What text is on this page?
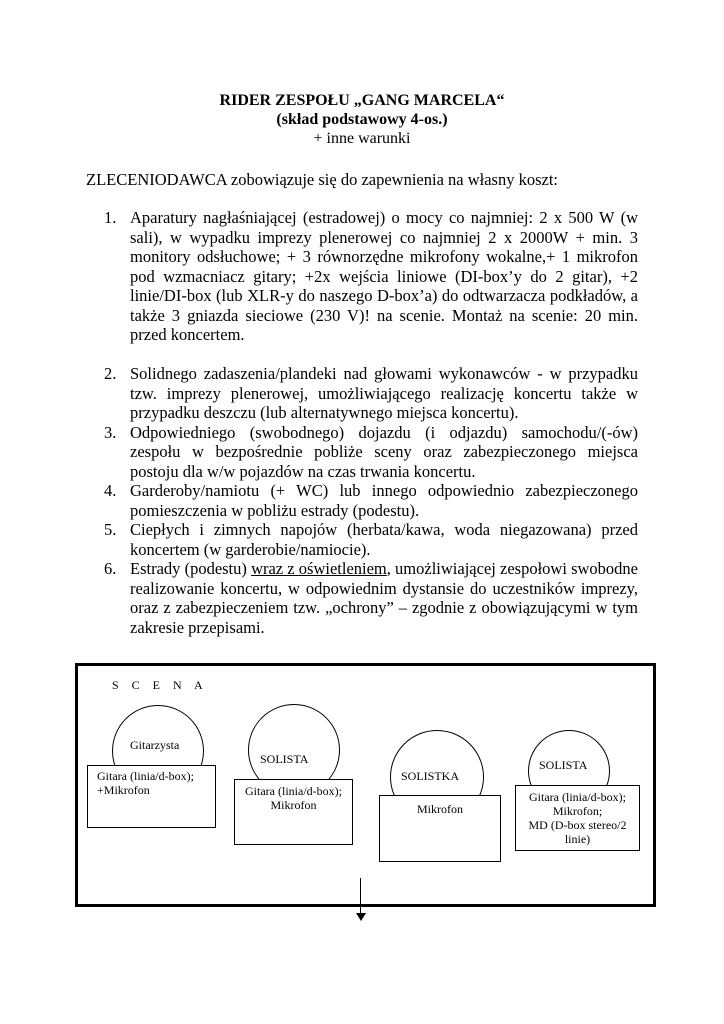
RIDER ZESPOŁU „GANG MARCELA“
(skład podstawowy 4-os.)
+ inne warunki
ZLECENIODAWCA zobowiązuje się do zapewnienia na własny koszt:
1. Aparatury nagłaśniającej (estradowej) o mocy co najmniej: 2 x 500 W (w sali), w wypadku imprezy plenerowej co najmniej 2 x 2000W + min. 3 monitory odsłuchowe; + 3 równorzędne mikrofony wokalne,+ 1 mikrofon pod wzmacniacz gitary; +2x wejścia liniowe (DI-box’y do 2 gitar), +2 linie/DI-box (lub XLR-y do naszego D-box’a) do odtwarzacza podkładów, a także 3 gniazda sieciowe (230 V)! na scenie. Montaż na scenie: 20 min. przed koncertem.
2. Solidnego zadaszenia/plandeki nad głowami wykonawców - w przypadku tzw. imprezy plenerowej, umożliwiającego realizację koncertu także w przypadku deszczu (lub alternatywnego miejsca koncertu).
3. Odpowiedniego (swobodnego) dojazdu (i odjazdu) samochodu/(-ów) zespołu w bezpośrednie pobliże sceny oraz zabezpieczonego miejsca postoju dla w/w pojazdów na czas trwania koncertu.
4. Garderoby/namiotu (+ WC) lub innego odpowiednio zabezpieczonego pomieszczenia w pobliżu estrady (podestu).
5. Ciepłych i zimnych napojów (herbata/kawa, woda niegazowana) przed koncertem (w garderobie/namiocie).
6. Estrady (podestu) wraz z oświetleniem, umożliwiającej zespołowi swobodne realizowanie koncertu, w odpowiednim dystansie do uczestników imprezy, oraz z zabezpieczeniem tzw. „ochrony” – zgodnie z obowiązującymi w tym zakresie przepisami.
S C E N A
Gitarzysta
Gitara (linia/d-box);
+Mikrofon
SOLISTA
Gitara (linia/d-box);
Mikrofon
SOLISTKA
Mikrofon
SOLISTA
Gitara (linia/d-box);
Mikrofon;
MD (D-box stereo/2
linie)
